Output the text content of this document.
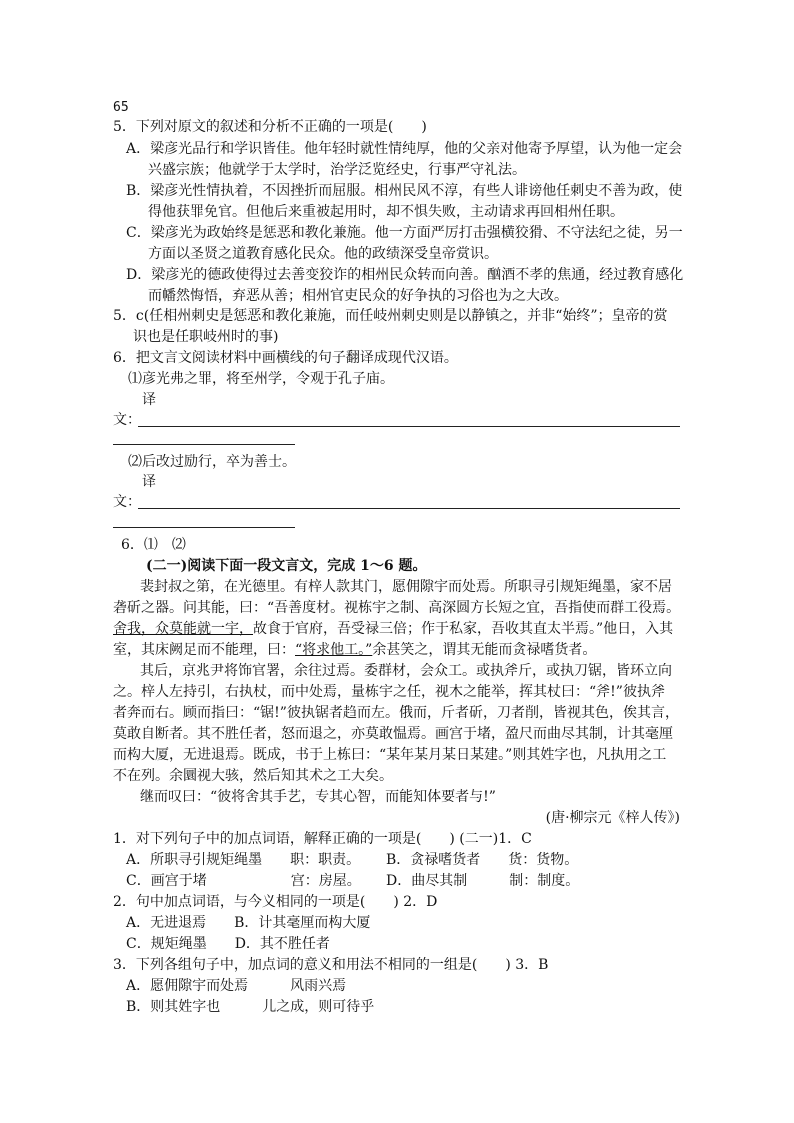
65
5．下列对原文的叙述和分析不正确的一项是(　　)
A．梁彦光品行和学识皆佳。他年轻时就性情纯厚，他的父亲对他寄予厚望，认为他一定会
兴盛宗族；他就学于太学时，治学泛览经史，行事严守礼法。
B．梁彦光性情执着，不因挫折而屈服。相州民风不淳，有些人诽谤他任刺史不善为政，使
得他获罪免官。但他后来重被起用时，却不惧失败，主动请求再回相州任职。
C．梁彦光为政始终是惩恶和教化兼施。他一方面严厉打击强横狡猾、不守法纪之徒，另一
方面以圣贤之道教育感化民众。他的政绩深受皇帝赏识。
D．梁彦光的德政使得过去善变狡诈的相州民众转而向善。酗酒不孝的焦通，经过教育感化
而幡然悔悟，弃恶从善；相州官吏民众的好争执的习俗也为之大改。
5．c(任相州刺史是惩恶和教化兼施，而任岐州刺史则是以静镇之，并非“始终”；皇帝的赏
识也是任职岐州时的事)
6．把文言文阅读材料中画横线的句子翻译成现代汉语。
⑴彦光弗之罪，将至州学，令观于孔子庙。
译
文：
⑵后改过励行，卒为善士。
译
文：
6．⑴　⑵
(二一)阅读下面一段文言文，完成 1～6 题。
裴封叔之第，在光德里。有梓人款其门，愿佣隙宇而处焉。所职寻引规矩绳墨，家不居
砻斫之器。问其能，曰：“吾善度材。视栋宇之制、高深圆方长短之宜，吾指使而群工役焉。
舍我，众莫能就一宇，故食于官府，吾受禄三倍；作于私家，吾收其直太半焉。”他日，入其
室，其床阙足而不能理，曰：“将求他工。”余甚笑之，谓其无能而贪禄嗜货者。
其后，京兆尹将饰官署，余往过焉。委群材，会众工。或执斧斤，或执刀锯，皆环立向
之。梓人左持引，右执杖，而中处焉，量栋宇之任，视木之能举，挥其杖曰：“斧!”彼执斧
者奔而右。顾而指曰：“锯!”彼执锯者趋而左。俄而，斤者斫，刀者削，皆视其色，俟其言，
莫敢自断者。其不胜任者，怒而退之，亦莫敢愠焉。画宫于堵，盈尺而曲尽其制，计其毫厘
而构大厦，无进退焉。既成，书于上栋曰：“某年某月某日某建。”则其姓字也，凡执用之工
不在列。余圜视大骇，然后知其术之工大矣。
继而叹曰：“彼将舍其手艺，专其心智，而能知体要者与!”
(唐·柳宗元《梓人传》)
1．对下列句子中的加点词语，解释正确的一项是(　　) (二一)1．C
A．所职寻引规矩绳墨　　职：职责。 B．贪禄嗜货者　　货：货物。
C．画宫于堵　　　　　　宫：房屋。 D．曲尽其制　　　制：制度。
2．句中加点词语，与今义相同的一项是(　　) 2．D
A．无进退焉　　B．计其毫厘而构大厦
C．规矩绳墨　　D．其不胜任者
3．下列各组句子中，加点词的意义和用法不相同的一组是(　　) 3．B
A．愿佣隙宇而处焉　　　风雨兴焉
B．则其姓字也　　　儿之成，则可待乎
